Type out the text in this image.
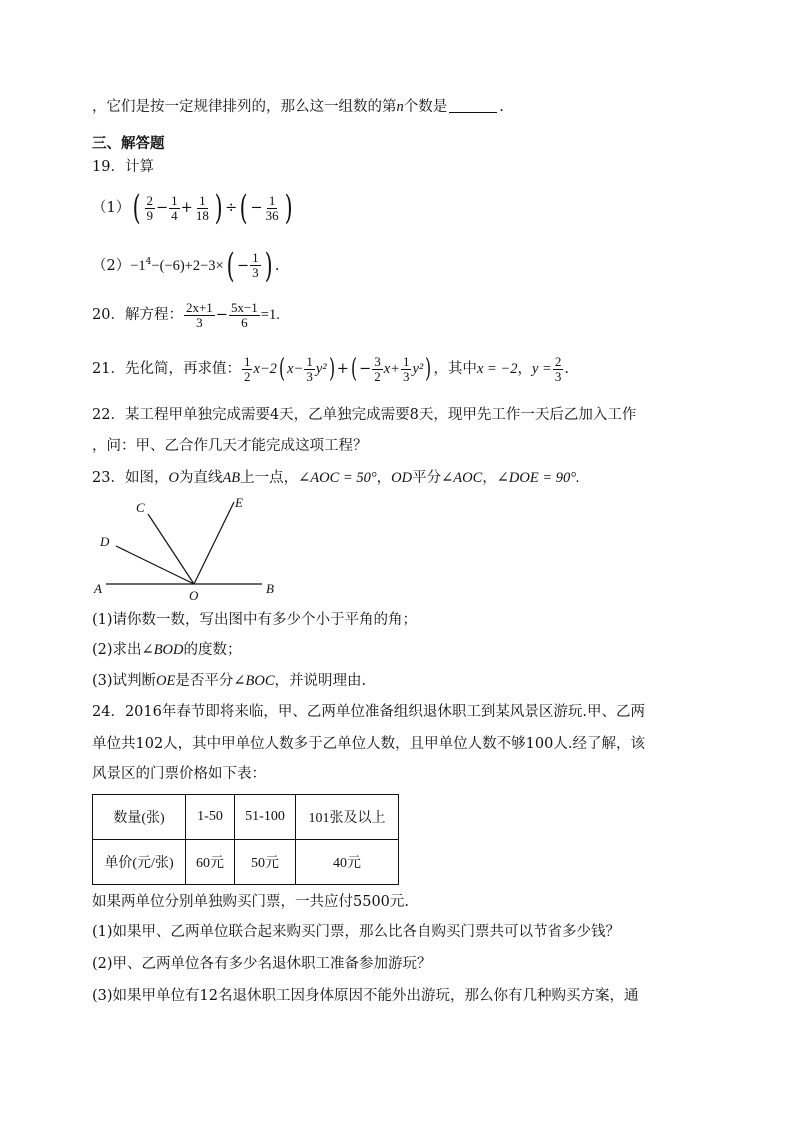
，它们是按一定规律排列的，那么这一组数的第n个数是	.
三、解答题
19．计算
$(1)( \frac{2}{9} - \frac{1}{4} + \frac{1}{18}$ ) ÷( − $\frac{1}{36}$ )
$(2)-1^4-(-6)+2-3\times( - \frac{1}{3}$ ) .
20．解方程： $\frac{2x+1}{3} - \frac{5x-1}{6} =1$.
21．先化简，再求值： $\frac{1}{2} x-2$( $x- \frac{1}{3} y^2$) +( − $\frac{3}{2} x+ \frac{1}{3} y^2$) ，其中x = −2，$y = \frac{2}{3}$ .
22．某工程甲单独完成需要4天，乙单独完成需要8天，现甲先工作一天后乙加入工作
，问：甲、乙合作几天才能完成这项工程？
23．如图，O为直线AB上一点，∠AOC = 50°，OD平分∠AOC，∠DOE = 90°.
A	B
C
D
E
O
(1)请你数一数，写出图中有多少个小于平角的角；
(2)求出∠BOD的度数；
(3)试判断OE是否平分∠BOC，并说明理由.
24．2016年春节即将来临，甲、乙两单位准备组织退休职工到某风景区游玩.甲、乙两
单位共102人，其中甲单位人数多于乙单位人数，且甲单位人数不够100人.经了解，该
风景区的门票价格如下表：
数量(张)	1-50	51-100	101张及以上
单价(元/张)	60元	50元	40元
如果两单位分别单独购买门票，一共应付5500元.
(1)如果甲、乙两单位联合起来购买门票，那么比各自购买门票共可以节省多少钱？
(2)甲、乙两单位各有多少名退休职工准备参加游玩？
(3)如果甲单位有12名退休职工因身体原因不能外出游玩，那么你有几种购买方案，通
